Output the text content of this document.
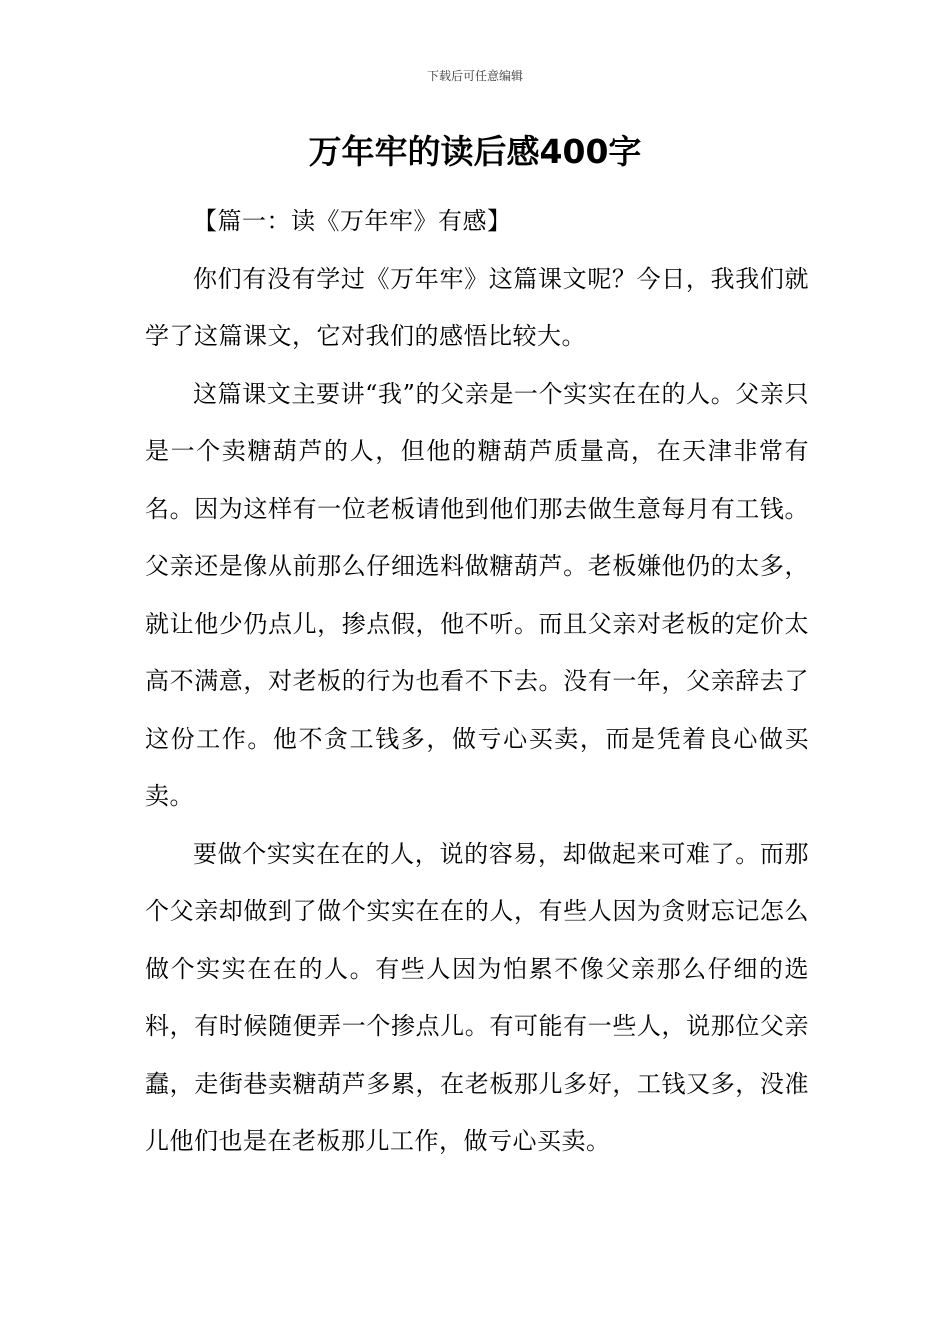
下载后可任意编辑
万年牢的读后感400字

【篇一：读《万年牢》有感】

你们有没有学过《万年牢》这篇课文呢？今日，我我们就学了这篇课文，它对我们的感悟比较大。

这篇课文主要讲“我”的父亲是一个实实在在的人。父亲只是一个卖糖葫芦的人，但他的糖葫芦质量高，在天津非常有名。因为这样有一位老板请他到他们那去做生意每月有工钱。父亲还是像从前那么仔细选料做糖葫芦。老板嫌他仍的太多，就让他少仍点儿，掺点假，他不听。而且父亲对老板的定价太高不满意，对老板的行为也看不下去。没有一年，父亲辞去了这份工作。他不贪工钱多，做亏心买卖，而是凭着良心做买卖。

要做个实实在在的人，说的容易，却做起来可难了。而那个父亲却做到了做个实实在在的人，有些人因为贪财忘记怎么做个实实在在的人。有些人因为怕累不像父亲那么仔细的选料，有时候随便弄一个掺点儿。有可能有一些人，说那位父亲蠢，走街巷卖糖葫芦多累，在老板那儿多好，工钱又多，没准儿他们也是在老板那儿工作，做亏心买卖。
